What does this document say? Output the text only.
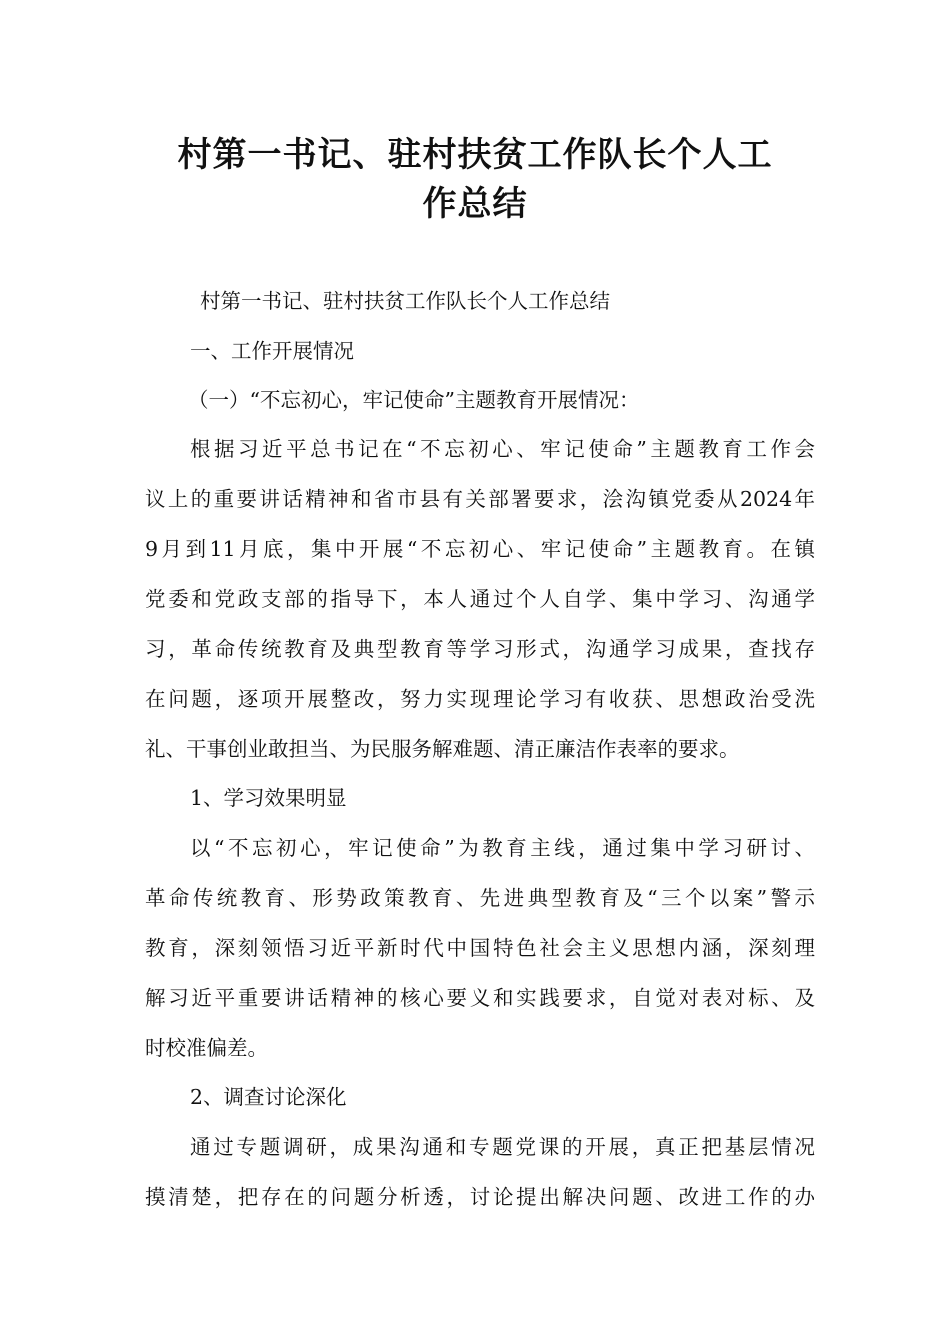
村第一书记、驻村扶贫工作队长个人工
作总结
村第一书记、驻村扶贫工作队长个人工作总结
一、工作开展情况
（一）“不忘初心，牢记使命”主题教育开展情况：
根据习近平总书记在“不忘初心、牢记使命”主题教育工作会
议上的重要讲话精神和省市县有关部署要求，浍沟镇党委从2024年
9月到11月底，集中开展“不忘初心、牢记使命”主题教育。在镇
党委和党政支部的指导下，本人通过个人自学、集中学习、沟通学
习，革命传统教育及典型教育等学习形式，沟通学习成果，查找存
在问题，逐项开展整改，努力实现理论学习有收获、思想政治受洗
礼、干事创业敢担当、为民服务解难题、清正廉洁作表率的要求。
1、学习效果明显
以“不忘初心，牢记使命”为教育主线，通过集中学习研讨、
革命传统教育、形势政策教育、先进典型教育及“三个以案”警示
教育，深刻领悟习近平新时代中国特色社会主义思想内涵，深刻理
解习近平重要讲话精神的核心要义和实践要求，自觉对表对标、及
时校准偏差。
2、调查讨论深化
通过专题调研，成果沟通和专题党课的开展，真正把基层情况
摸清楚，把存在的问题分析透，讨论提出解决问题、改进工作的办
